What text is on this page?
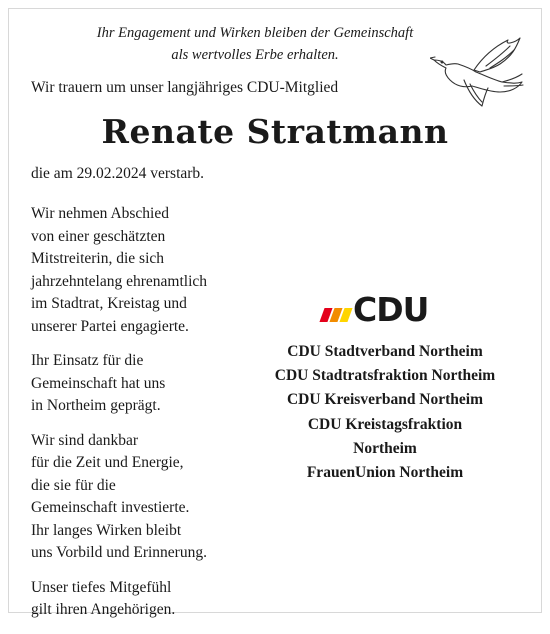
Ihr Engagement und Wirken bleiben der Gemeinschaft
als wertvolles Erbe erhalten.
Wir trauern um unser langjähriges CDU-Mitglied
Renate Stratmann
die am 29.02.2024 verstarb.

Wir nehmen Abschied
von einer geschätzten
Mitstreiterin, die sich
jahrzehntelang ehrenamtlich
im Stadtrat, Kreistag und
unserer Partei engagierte.

Ihr Einsatz für die
Gemeinschaft hat uns
in Northeim geprägt.

Wir sind dankbar
für die Zeit und Energie,
die sie für die
Gemeinschaft investierte.
Ihr langes Wirken bleibt
uns Vorbild und Erinnerung.

Unser tiefes Mitgefühl
gilt ihren Angehörigen.

CDU
CDU Stadtverband Northeim
CDU Stadtratsfraktion Northeim
CDU Kreisverband Northeim
CDU Kreistagsfraktion
Northeim
FrauenUnion Northeim
